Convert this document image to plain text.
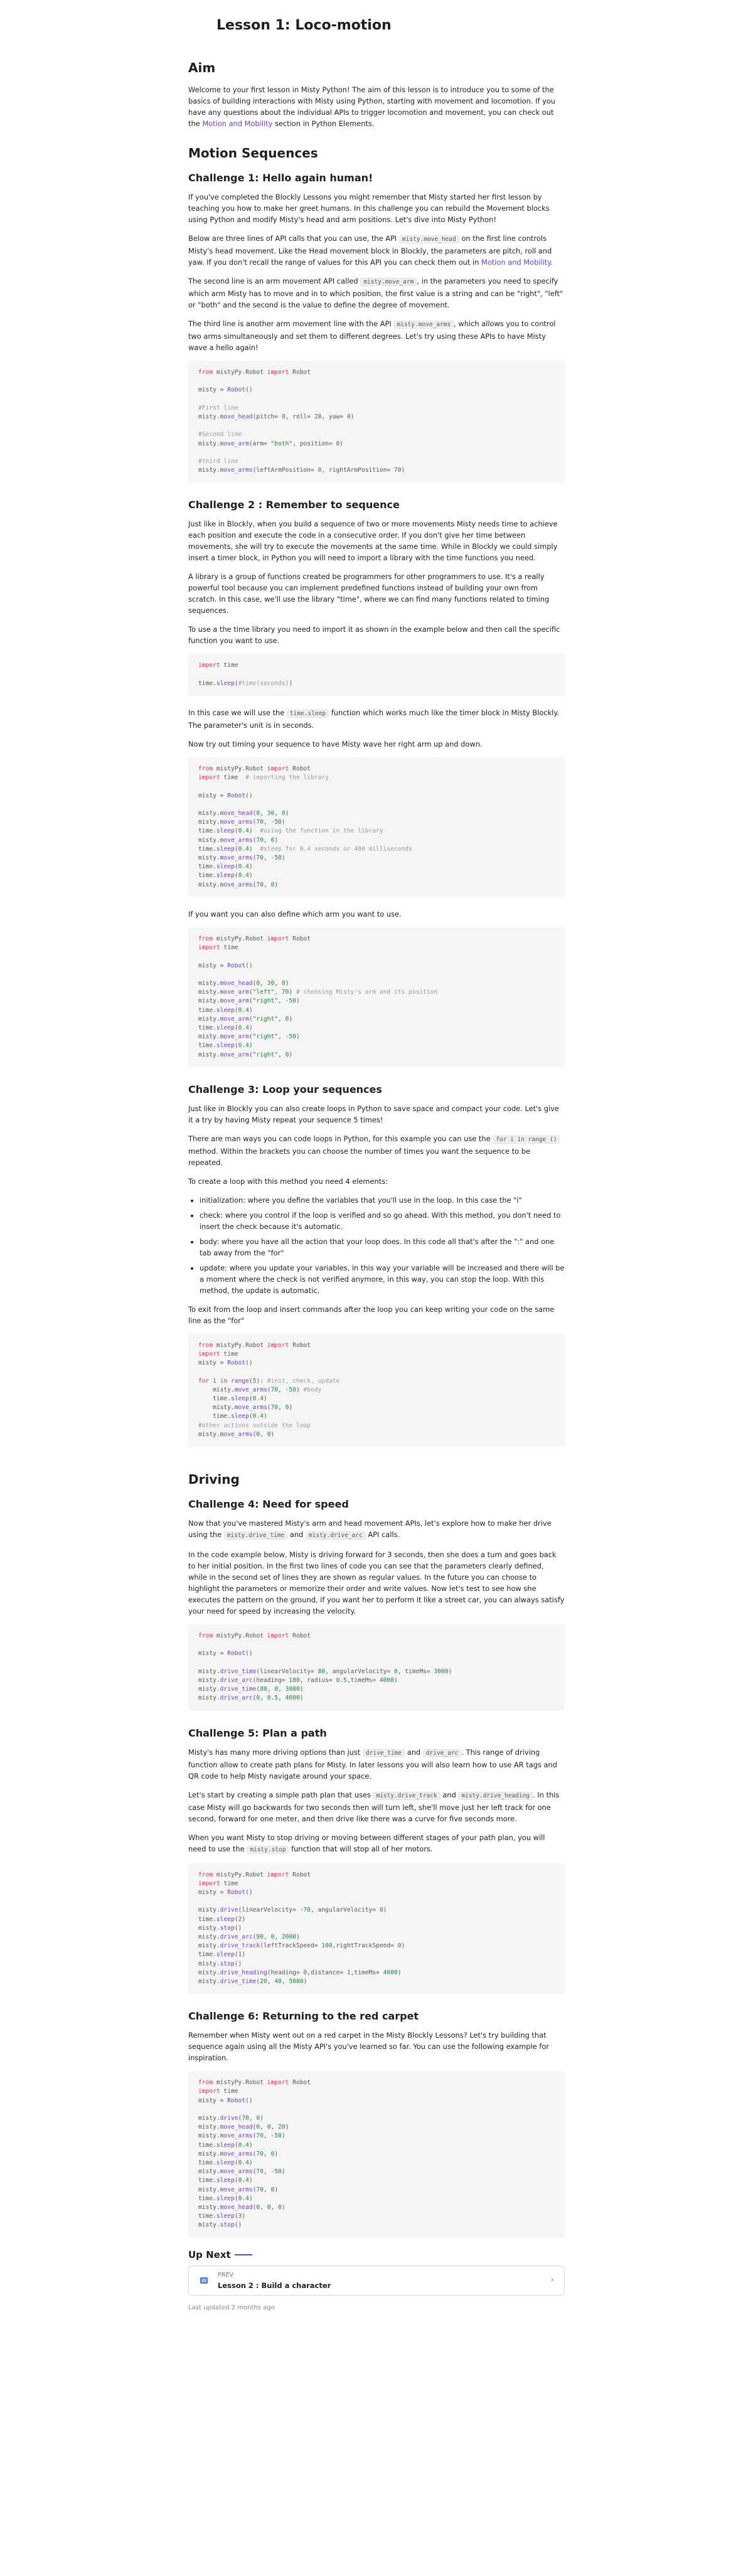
Lesson 1: Loco-motion
Aim

Welcome to your first lesson in Misty Python! The aim of this lesson is to introduce you to some of the basics of building interactions with Misty using Python, starting with movement and locomotion. If you have any questions about the individual APIs to trigger locomotion and movement, you can check out the Motion and Mobility section in Python Elements.

Motion Sequences
Challenge 1: Hello again human!

If you've completed the Blockly Lessons you might remember that Misty started her first lesson by teaching you how to make her greet humans. In this challenge you can rebuild the Movement blocks using Python and modify Misty's head and arm positions. Let's dive into Misty Python!

Below are three lines of API calls that you can use, the API misty.move_head on the first line controls Misty's head movement. Like the Head movement block in Blockly, the parameters are pitch, roll and yaw. If you don't recall the range of values for this API you can check them out in Motion and Mobility.

The second line is an arm movement API called misty.move_arm , in the parameters you need to specify which arm Misty has to move and in to which position, the first value is a string and can be "right", "left" or "both" and the second is the value to define the degree of movement.

The third line is another arm movement line with the API misty.move_arms , which allows you to control two arms simultaneously and set them to different degrees. Let's try using these APIs to have Misty wave a hello again!

from mistyPy.Robot import Robot

misty = Robot()

#First line
misty.move_head(pitch= 0, roll= 20, yaw= 0)

#Second line
misty.move_arm(arm= "both", position= 0)

#third line
misty.move_arms(leftArmPosition= 0, rightArmPosition= 70)
Challenge 2 : Remember to sequence

Just like in Blockly, when you build a sequence of two or more movements Misty needs time to achieve each position and execute the code in a consecutive order. If you don't give her time between movements, she will try to execute the movements at the same time. While in Blockly we could simply insert a timer block, in Python you will need to import a library with the time functions you need.

A library is a group of functions created be programmers for other programmers to use. It's a really powerful tool because you can implement predefined functions instead of building your own from scratch. In this case, we'll use the library "time", where we can find many functions related to timing sequences.

To use a the time library you need to import it as shown in the example below and then call the specific function you want to use.

import time

time.sleep(#time(seconds))

In this case we will use the time.sleep function which works much like the timer block in Misty Blockly. The parameter's unit is in seconds.

Now try out timing your sequence to have Misty wave her right arm up and down.

from mistyPy.Robot import Robot
import time  # importing the library

misty = Robot()

misty.move_head(0, 30, 0)
misty.move_arms(70, -50)
time.sleep(0.4)  #using the function in the library
misty.move_arms(70, 0)
time.sleep(0.4)  #sleep for 0.4 seconds or 400 milliseconds
misty.move_arms(70, -50)
time.sleep(0.4)
time.sleep(0.4)
misty.move_arms(70, 0)

If you want you can also define which arm you want to use.

from mistyPy.Robot import Robot
import time

misty = Robot()

misty.move_head(0, 30, 0)
misty.move_arm("left", 70) # choosing Misty's arm and its position
misty.move_arm("right", -50)
time.sleep(0.4)
misty.move_arm("right", 0)
time.sleep(0.4)
misty.move_arm("right", -50)
time.sleep(0.4)
misty.move_arm("right", 0)
Challenge 3: Loop your sequences

Just like in Blockly you can also create loops in Python to save space and compact your code. Let's give it a try by having Misty repeat your sequence 5 times!

There are man ways you can code loops in Python, for this example you can use the for i in range () method. Within the brackets you can choose the number of times you want the sequence to be repeated.

To create a loop with this method you need 4 elements:

• initialization: where you define the variables that you'll use in the loop. In this case the "i"
• check: where you control if the loop is verified and so go ahead. With this method, you don't need to insert the check because it's automatic.
• body: where you have all the action that your loop does. In this code all that's after the ":" and one tab away from the "for"
• update: where you update your variables, in this way your variable will be increased and there will be a moment where the check is not verified anymore, in this way, you can stop the loop. With this method, the update is automatic.

To exit from the loop and insert commands after the loop you can keep writing your code on the same line as the "for"

from mistyPy.Robot import Robot
import time
misty = Robot()

for i in range(5): #init, check, update
misty.move_arms(70, -50) #body
time.sleep(0.4)
misty.move_arms(70, 0)
time.sleep(0.4)
#other actions outside the loop
misty.move_arms(0, 0)
Driving
Challenge 4: Need for speed

Now that you've mastered Misty's arm and head movement APIs, let's explore how to make her drive using the misty.drive_time and misty.drive_arc API calls.

In the code example below, Misty is driving forward for 3 seconds, then she does a turn and goes back to her initial position. In the first two lines of code you can see that the parameters clearly defined, while in the second set of lines they are shown as regular values. In the future you can choose to highlight the parameters or memorize their order and write values. Now let's test to see how she executes the pattern on the ground, if you want her to perform it like a street car, you can always satisfy your need for speed by increasing the velocity.

from mistyPy.Robot import Robot

misty = Robot()

misty.drive_time(linearVelocity= 80, angularVelocity= 0, timeMs= 3000)
misty.drive_arc(heading= 180, radius= 0.5,timeMs= 4000)
misty.drive_time(80, 0, 3000)
misty.drive_arc(0, 0.5, 4000)
Challenge 5: Plan a path

Misty's has many more driving options than just drive_time and drive_arc . This range of driving function allow to create path plans for Misty. In later lessons you will also learn how to use AR tags and QR code to help Misty navigate around your space.

Let's start by creating a simple path plan that uses misty.drive_track and misty.drive_heading . In this case Misty will go backwards for two seconds then will turn left, she'll move just her left track for one second, forward for one meter, and then drive like there was a curve for five seconds more.

When you want Misty to stop driving or moving between different stages of your path plan, you will need to use the misty.stop function that will stop all of her motors.

from mistyPy.Robot import Robot
import time
misty = Robot()

misty.drive(linearVelocity= -70, angularVelocity= 0)
time.sleep(2)
misty.stop()
misty.drive_arc(90, 0, 2000)
misty.drive_track(leftTrackSpeed= 100,rightTrackSpeed= 0)
time.sleep(1)
misty.stop()
misty.drive_heading(heading= 0,distance= 1,timeMs= 4000)
misty.drive_time(20, 40, 5000)
Challenge 6: Returning to the red carpet

Remember when Misty went out on a red carpet in the Misty Blockly Lessons? Let's try building that sequence again using all the Misty API's you've learned so far. You can use the following example for inspiration.

from mistyPy.Robot import Robot
import time
misty = Robot()

misty.drive(70, 0)
misty.move_head(0, 0, 20)
misty.move_arms(70, -50)
time.sleep(0.4)
misty.move_arms(70, 0)
time.sleep(0.4)
misty.move_arms(70, -50)
time.sleep(0.4)
misty.move_arms(70, 0)
time.sleep(0.4)
misty.move_head(0, 0, 0)
time.sleep(3)
misty.stop()
Up Next
PREV
Lesson 2 : Build a character
›
Last updated 2 months ago
